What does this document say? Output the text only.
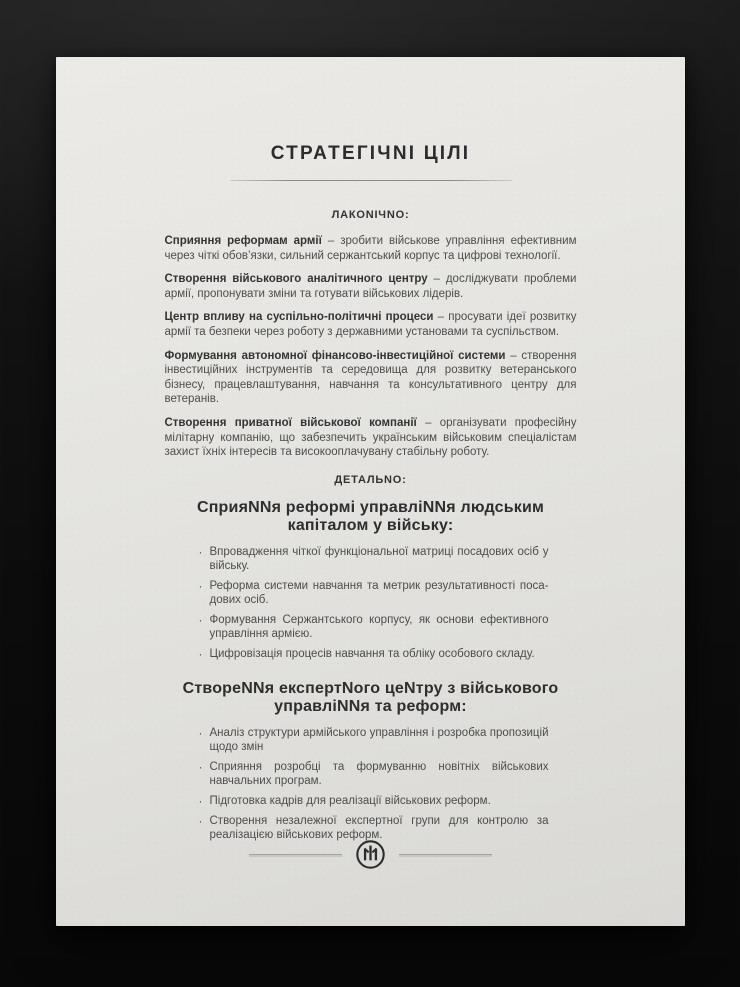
СТРАТЕГІЧNІ ЦІЛІ
ЛАКОNІЧNО:

Сприяння реформам армії – зробити військове управління ефективним через чіткі обов’язки, сильний сержантський корпус та цифрові технології.

Створення військового аналітичного центру – досліджувати проблеми армії, пропонувати зміни та готувати військових лідерів.

Центр впливу на суспільно-політичні процеси – просувати ідеї розвитку армії та безпеки через роботу з державними установами та суспільством.

Формування автономної фінансово-інвестиційної системи – створення інвестиційних інструментів та середовища для розвитку ветеранського бізнесу, працевлаштування, навчання та консультативного центру для ветеранів.

Створення приватної військової компанії – організувати професійну мілітарну компанію, що забезпечить українським військовим спеціалістам захист їхніх інтересів та високооплачувану стабільну роботу.

ДЕТАЛЬNО:
СприяNNя реформі управліNNя людським капіталом у війську:
· Впровадження чіткої функціональної матриці посадових осіб у війську.
· Реформа системи навчання та метрик результативності посадових осіб.
· Формування Сержантського корпусу, як основи ефективного управління армією.
· Цифровізація процесів навчання та обліку особового складу.
СтвореNNя експертNого цеNтру з військового управліNNя та реформ:
· Аналіз структури армійського управління і розробка пропозицій щодо змін
· Сприяння розробці та формуванню новітніх військових навчальних програм.
· Підготовка кадрів для реалізації військових реформ.
· Створення незалежної експертної групи для контролю за реалізацією військових реформ.
